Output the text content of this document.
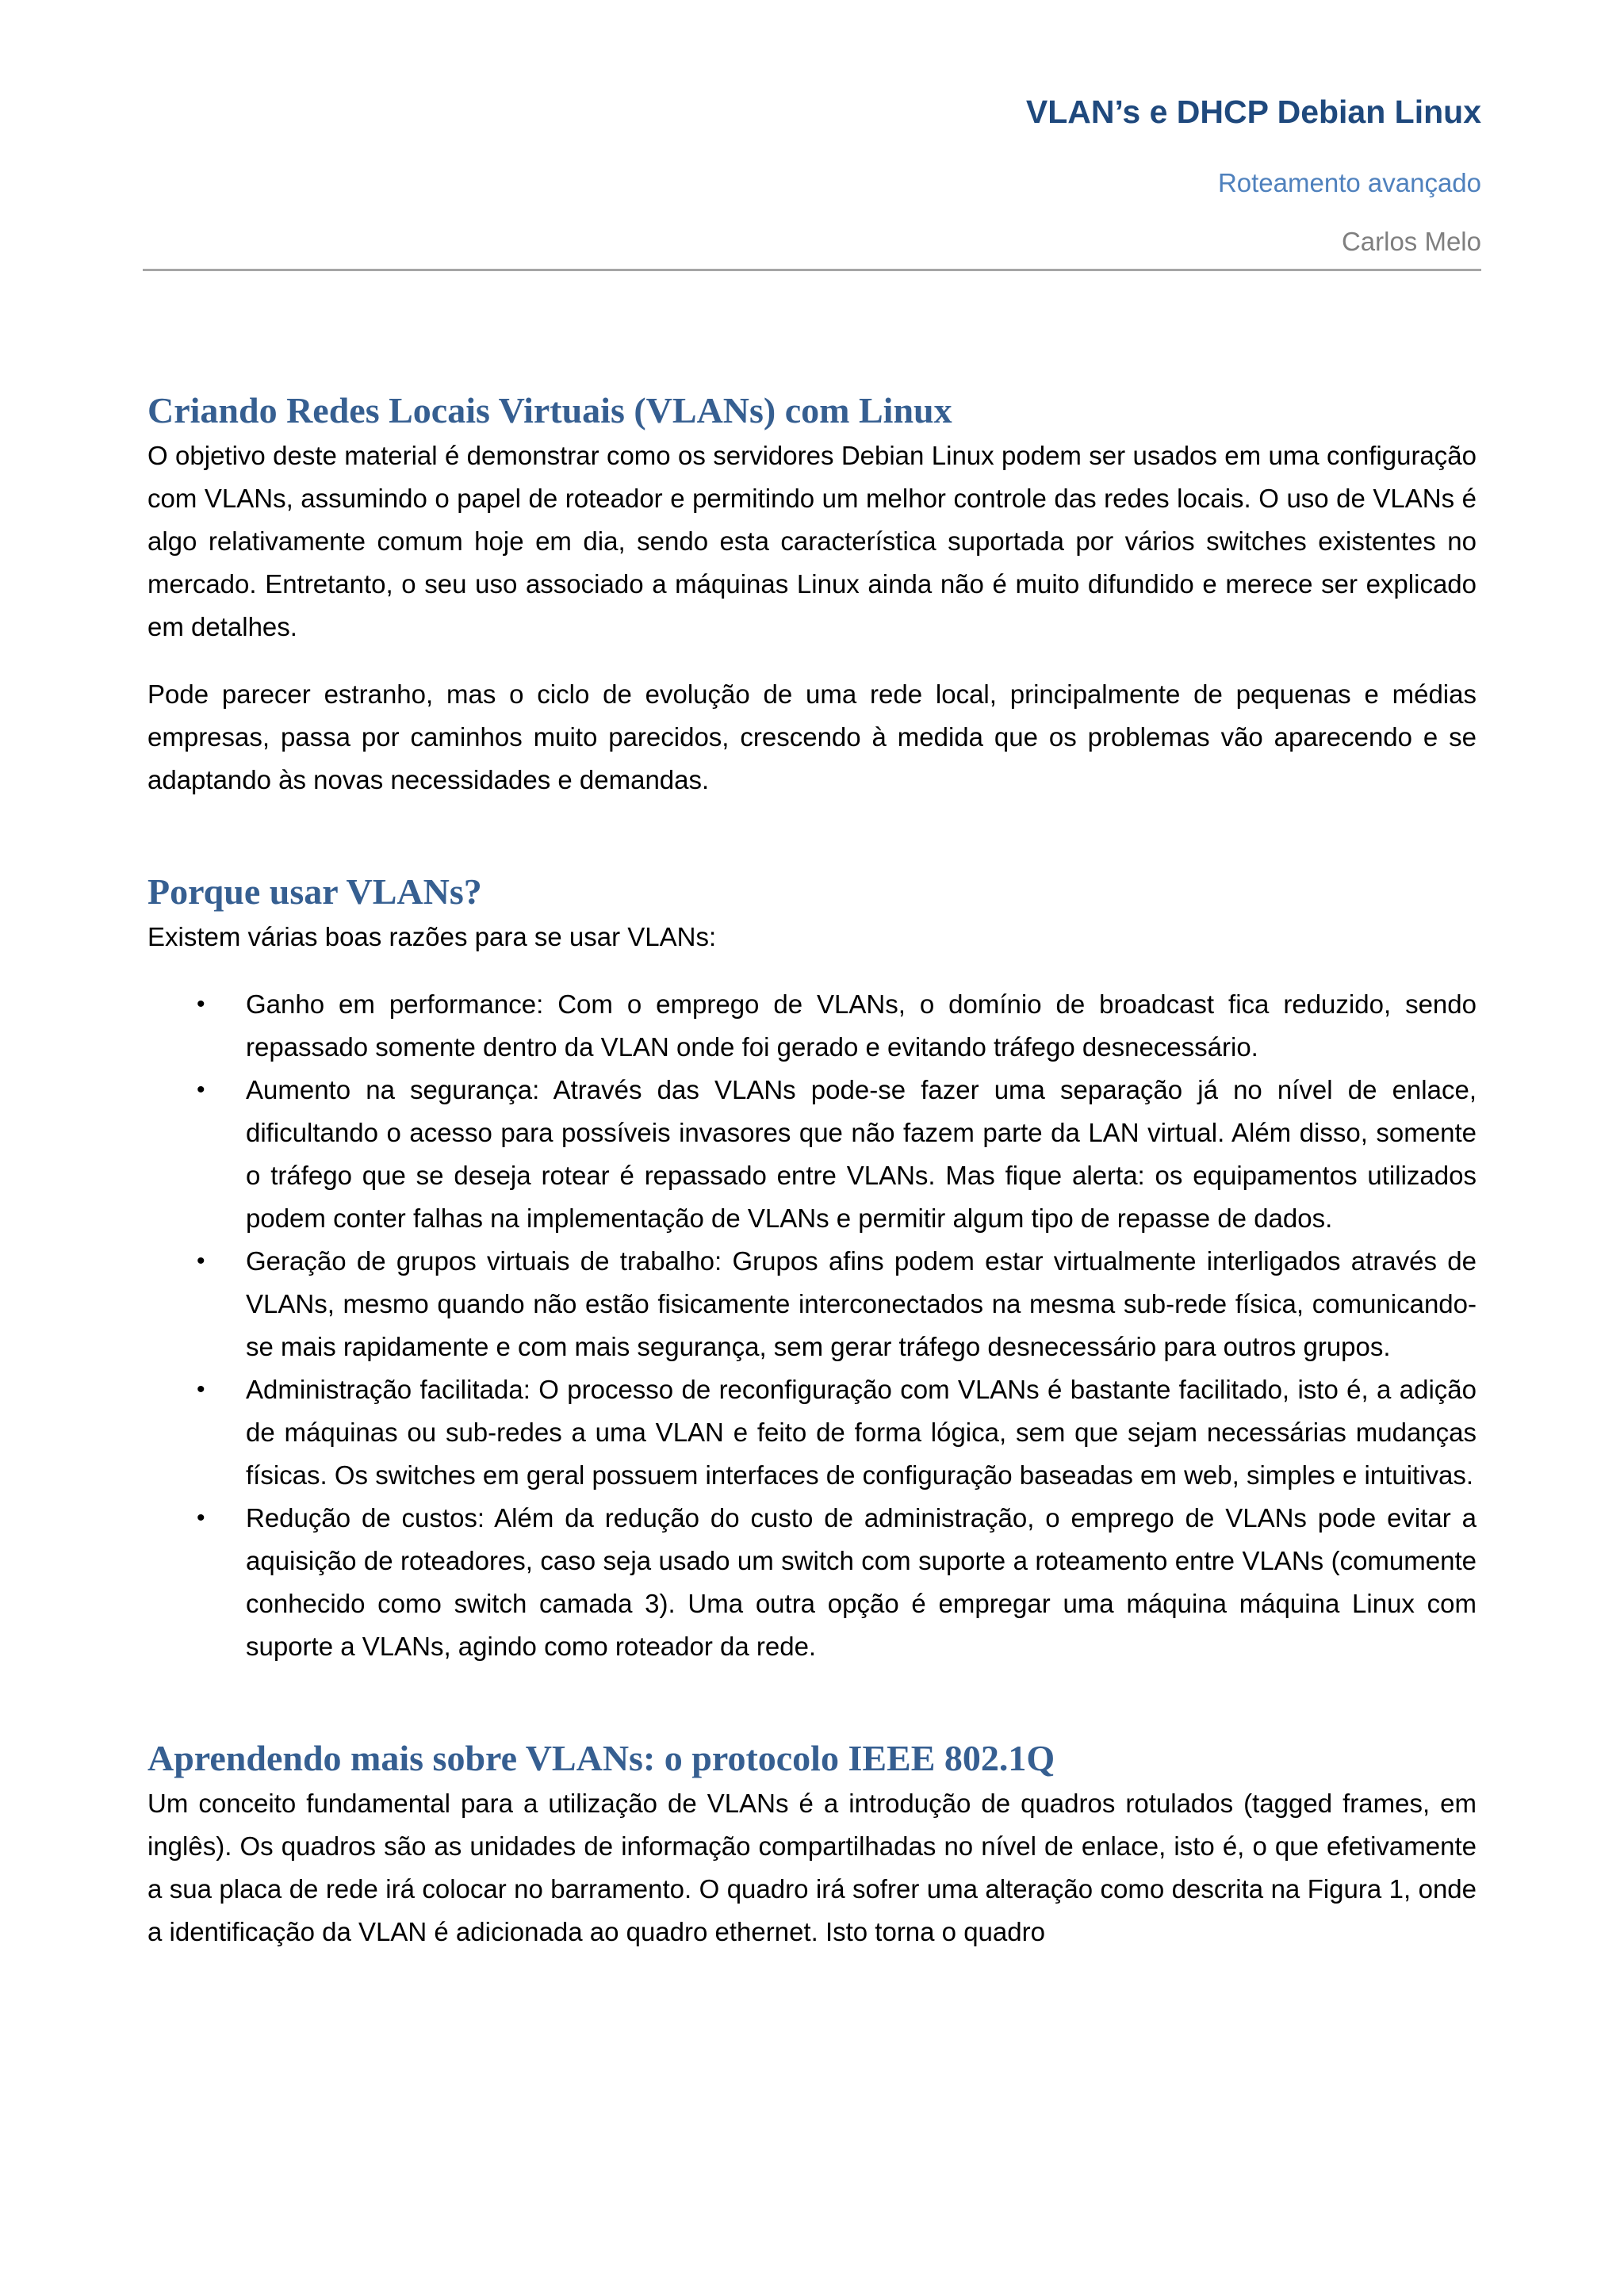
VLAN’s e DHCP Debian Linux
Roteamento avançado
Carlos Melo
Criando Redes Locais Virtuais (VLANs) com Linux

O objetivo deste material é demonstrar como os servidores Debian Linux podem ser usados em uma configuração com VLANs, assumindo o papel de roteador e permitindo um melhor controle das redes locais. O uso de VLANs é algo relativamente comum hoje em dia, sendo esta característica suportada por vários switches existentes no mercado. Entretanto, o seu uso associado a máquinas Linux ainda não é muito difundido e merece ser explicado em detalhes.

Pode parecer estranho, mas o ciclo de evolução de uma rede local, principalmente de pequenas e médias empresas, passa por caminhos muito parecidos, crescendo à medida que os problemas vão aparecendo e se adaptando às novas necessidades e demandas.

Porque usar VLANs?

Existem várias boas razões para se usar VLANs:

• Ganho em performance: Com o emprego de VLANs, o domínio de broadcast fica reduzido, sendo repassado somente dentro da VLAN onde foi gerado e evitando tráfego desnecessário.
• Aumento na segurança: Através das VLANs pode-se fazer uma separação já no nível de enlace, dificultando o acesso para possíveis invasores que não fazem parte da LAN virtual. Além disso, somente o tráfego que se deseja rotear é repassado entre VLANs. Mas fique alerta: os equipamentos utilizados podem conter falhas na implementação de VLANs e permitir algum tipo de repasse de dados.
• Geração de grupos virtuais de trabalho: Grupos afins podem estar virtualmente interligados através de VLANs, mesmo quando não estão fisicamente interconectados na mesma sub-rede física, comunicando-se mais rapidamente e com mais segurança, sem gerar tráfego desnecessário para outros grupos.
• Administração facilitada: O processo de reconfiguração com VLANs é bastante facilitado, isto é, a adição de máquinas ou sub-redes a uma VLAN e feito de forma lógica, sem que sejam necessárias mudanças físicas. Os switches em geral possuem interfaces de configuração baseadas em web, simples e intuitivas.
• Redução de custos: Além da redução do custo de administração, o emprego de VLANs pode evitar a aquisição de roteadores, caso seja usado um switch com suporte a roteamento entre VLANs (comumente conhecido como switch camada 3). Uma outra opção é empregar uma máquina máquina Linux com suporte a VLANs, agindo como roteador da rede.
Aprendendo mais sobre VLANs: o protocolo IEEE 802.1Q

Um conceito fundamental para a utilização de VLANs é a introdução de quadros rotulados (tagged frames, em inglês). Os quadros são as unidades de informação compartilhadas no nível de enlace, isto é, o que efetivamente a sua placa de rede irá colocar no barramento. O quadro irá sofrer uma alteração como descrita na Figura 1, onde a identificação da VLAN é adicionada ao quadro ethernet. Isto torna o quadro
